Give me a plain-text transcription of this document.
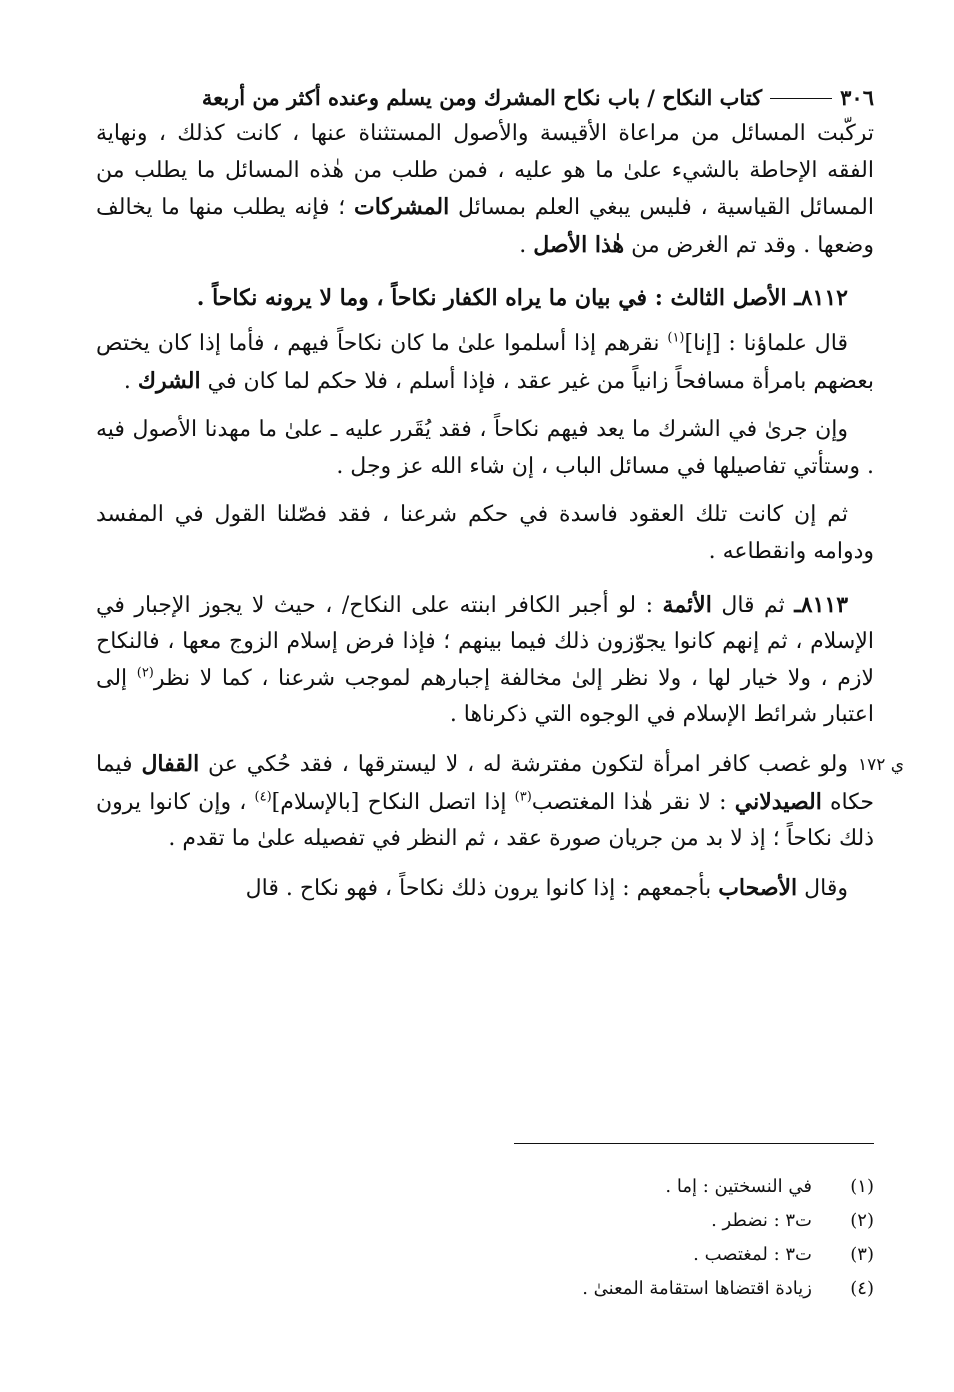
٣٠٦
كتاب النكاح / باب نكاح المشرك ومن يسلم وعنده أكثر من أربعة

تركّبت المسائل من مراعاة الأقيسة والأصول المستثناة عنها ، كانت كذلك ، ونهاية الفقه الإحاطة بالشيء علىٰ ما هو عليه ، فمن طلب من هٰذه المسائل ما يطلب من المسائل القياسية ، فليس يبغي العلم بمسائل المشركات ؛ فإنه يطلب منها ما يخالف وضعها . وقد تم الغرض من هٰذا الأصل .

٨١١٢ـ الأصل الثالث : في بيان ما يراه الكفار نكاحاً ، وما لا يرونه نكاحاً .

قال علماؤنا : [إنا]$^{(١)}$ نقرهم إذا أسلموا علىٰ ما كان نكاحاً فيهم ، فأما إذا كان يختص بعضهم بامرأة مسافحاً زانياً من غير عقد ، فإذا أسلم ، فلا حكم لما كان في الشرك .

وإن جرىٰ في الشرك ما يعد فيهم نكاحاً ، فقد يُقَرر عليه ـ علىٰ ما مهدنا الأصول فيه . وستأتي تفاصيلها في مسائل الباب ، إن شاء الله عز وجل .

ثم إن كانت تلك العقود فاسدة في حكم شرعنا ، فقد فصّلنا القول في المفسد ودوامه وانقطاعه .

٨١١٣ـ ثم قال الأئمة : لو أجبر الكافر ابنته على النكاح/ ، حيث لا يجوز الإجبار في الإسلام ، ثم إنهم كانوا يجوّزون ذلك فيما بينهم ؛ فإذا فرض إسلام الزوج معها ، فالنكاح لازم ، ولا خيار لها ، ولا نظر إلىٰ مخالفة إجبارهم لموجب شرعنا ، كما لا نظر$^{(٢)}$ إلى اعتبار شرائط الإسلام في الوجوه التي ذكرناها .

ولو غصب كافر امرأة لتكون مفترشة له ، لا ليسترقها ، فقد حُكي عن القفال فيما حكاه الصيدلاني : لا نقر هٰذا المغتصب$^{(٣)}$ إذا اتصل النكاح [بالإسلام]$^{(٤)}$ ، وإن كانوا يرون ذلك نكاحاً ؛ إذ لا بد من جريان صورة عقد ، ثم النظر في تفصيله علىٰ ما تقدم .

وقال الأصحاب بأجمعهم : إذا كانوا يرون ذلك نكاحاً ، فهو نكاح . قال

ي ١٧٢
(١)
في النسختين : إما .
(٢)
ت٣ : نضطر .
(٣)
ت٣ : لمغتصب .
(٤)
زيادة اقتضاها استقامة المعنىٰ .
